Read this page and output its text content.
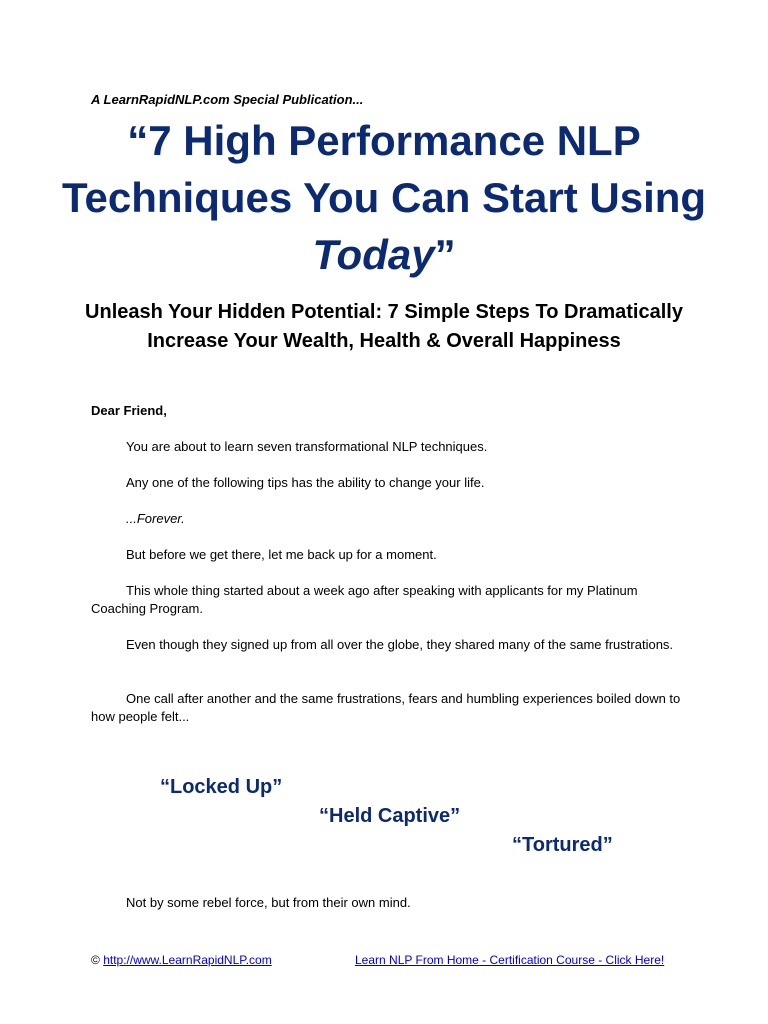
A LearnRapidNLP.com Special Publication...
“7 High Performance NLP Techniques You Can Start Using Today”
Unleash Your Hidden Potential: 7 Simple Steps To Dramatically Increase Your Wealth, Health & Overall Happiness

Dear Friend,

You are about to learn seven transformational NLP techniques.

Any one of the following tips has the ability to change your life.

...Forever.

But before we get there, let me back up for a moment.

This whole thing started about a week ago after speaking with applicants for my Platinum Coaching Program.

Even though they signed up from all over the globe, they shared many of the same frustrations.

One call after another and the same frustrations, fears and humbling experiences boiled down to how people felt...

“Locked Up”
“Held Captive”
“Tortured”

Not by some rebel force, but from their own mind.

© http://www.LearnRapidNLP.com	Learn NLP From Home - Certification Course - Click Here!
